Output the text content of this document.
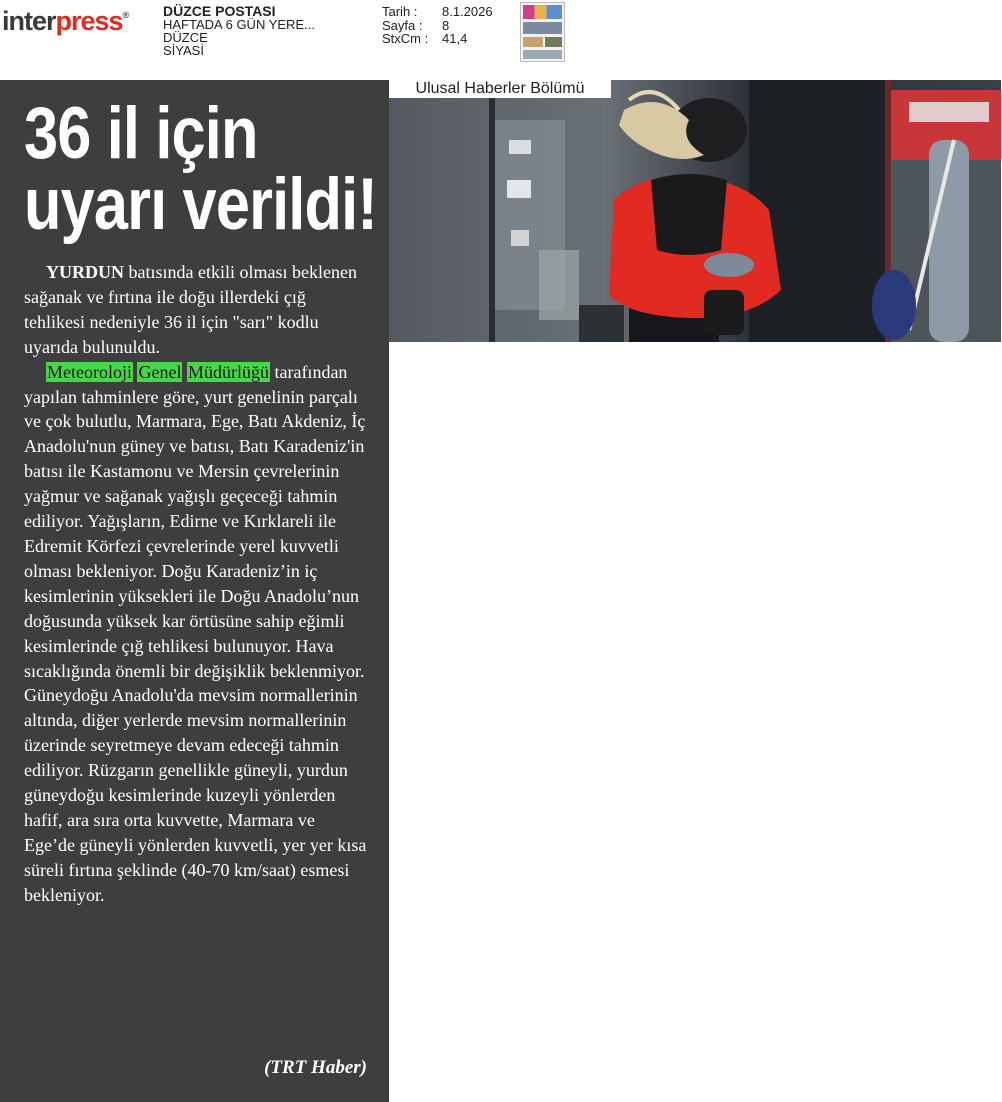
interpress® DÜZCE POSTASI
HAFTADA 6 GÜN YERE...
DÜZCE
SİYASİ
Tarih :	8.1.2026
Sayfa :	8
StxCm :	41,4
36 il için
uyarı verildi!

YURDUN batısında etkili olması beklenen sağanak ve fırtına ile doğu illerdeki çığ tehlikesi nedeniyle 36 il için "sarı" kodlu uyarıda bulunuldu.

Meteoroloji Genel Müdürlüğü tarafından yapılan tahminlere göre, yurt genelinin parçalı ve çok bulutlu, Marmara, Ege, Batı Akdeniz, İç Anadolu'nun güney ve batısı, Batı Karadeniz'in batısı ile Kastamonu ve Mersin çevrelerinin yağmur ve sağanak yağışlı geçeceği tahmin ediliyor. Yağışların, Edirne ve Kırklareli ile Edremit Körfezi çevrelerinde yerel kuvvetli olması bekleniyor. Doğu Karadeniz’in iç kesimlerinin yüksekleri ile Doğu Anadolu’nun doğusunda yüksek kar örtüsüne sahip eğimli kesimlerinde çığ tehlikesi bulunuyor. Hava sıcaklığında önemli bir değişiklik beklenmiyor. Güneydoğu Anadolu'da mevsim normallerinin altında, diğer yerlerde mevsim normallerinin üzerinde seyretmeye devam edeceği tahmin ediliyor. Rüzgarın genellikle güneyli, yurdun güneydoğu kesimlerinde kuzeyli yönlerden hafif, ara sıra orta kuvvette, Marmara ve Ege’de güneyli yönlerden kuvvetli, yer yer kısa süreli fırtına şeklinde (40-70 km/saat) esmesi bekleniyor.

(TRT Haber)
Ulusal Haberler Bölümü
